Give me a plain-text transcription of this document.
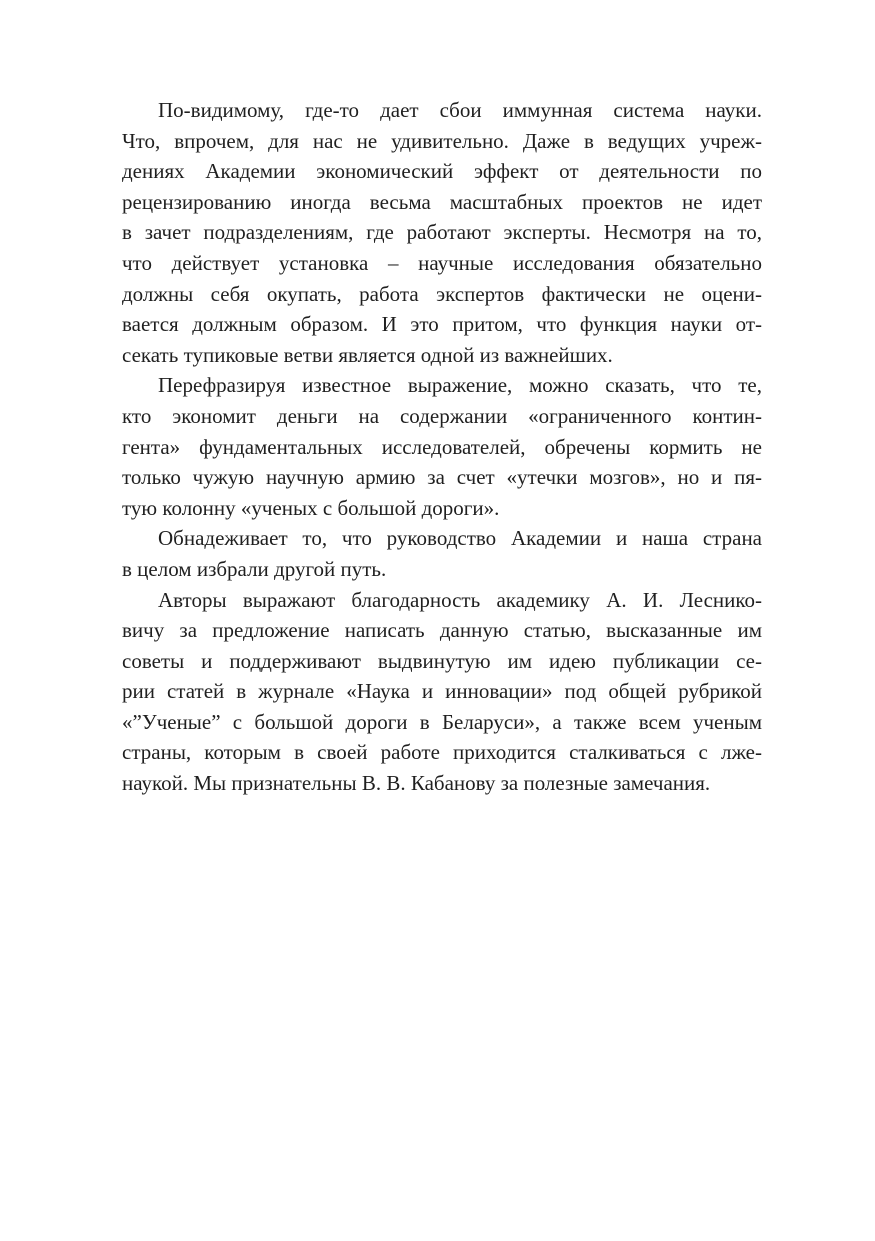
По-видимому, где-то дает сбои иммунная система науки.
Что, впрочем, для нас не удивительно. Даже в ведущих учреж-
дениях Академии экономический эффект от деятельности по
рецензированию иногда весьма масштабных проектов не идет
в зачет подразделениям, где работают эксперты. Несмотря на то,
что действует установка – научные исследования обязательно
должны себя окупать, работа экспертов фактически не оцени-
вается должным образом. И это притом, что функция науки от-
секать тупиковые ветви является одной из важнейших.
Перефразируя известное выражение, можно сказать, что те,
кто экономит деньги на содержании «ограниченного контин-
гента» фундаментальных исследователей, обречены кормить не
только чужую научную армию за счет «утечки мозгов», но и пя-
тую колонну «ученых с большой дороги».
Обнадеживает то, что руководство Академии и наша страна
в целом избрали другой путь.
Авторы выражают благодарность академику А. И. Леснико-
вичу за предложение написать данную статью, высказанные им
советы и поддерживают выдвинутую им идею публикации се-
рии статей в журнале «Наука и инновации» под общей рубрикой
«”Ученые” с большой дороги в Беларуси», а также всем ученым
страны, которым в своей работе приходится сталкиваться с лже-
наукой. Мы признательны В. В. Кабанову за полезные замечания.
